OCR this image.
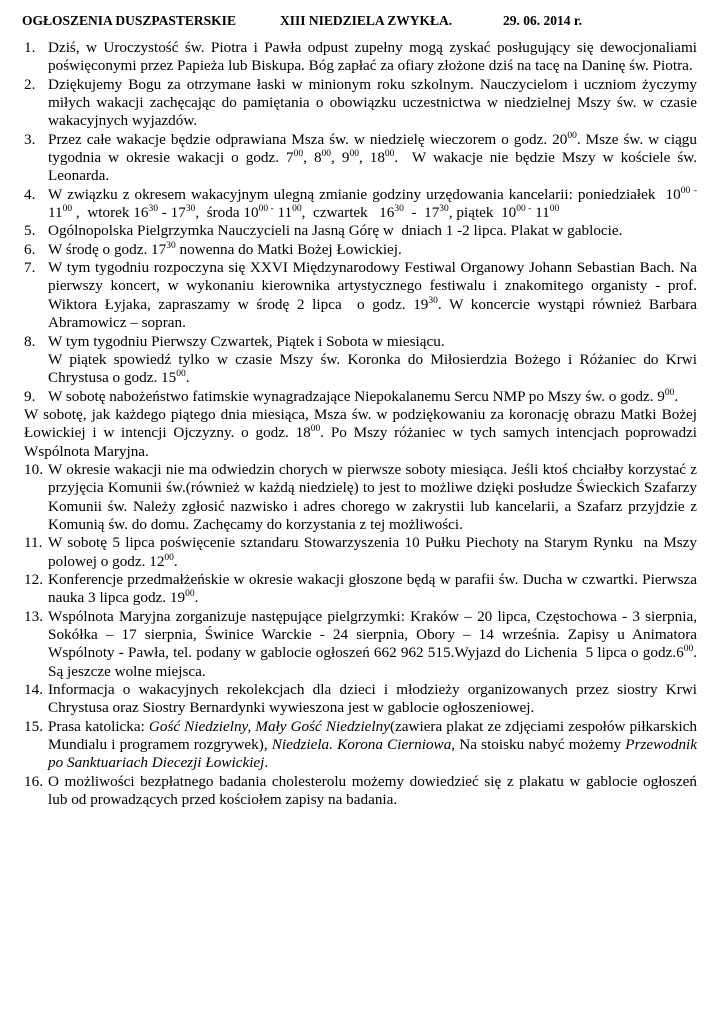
OGŁOSZENIA DUSZPASTERSKIE	XIII NIEDZIELA ZWYKŁA.	29. 06. 2014 r.
1. Dziś, w Uroczystość św. Piotra i Pawła odpust zupełny mogą zyskać posługujący się dewocjonaliami poświęconymi przez Papieża lub Biskupa. Bóg zapłać za ofiary złożone dziś na tacę na Daninę św. Piotra.
2. Dziękujemy Bogu za otrzymane łaski w minionym roku szkolnym. Nauczycielom i uczniom życzymy miłych wakacji zachęcając do pamiętania o obowiązku uczestnictwa w niedzielnej Mszy św. w czasie wakacyjnych wyjazdów.
3. Przez całe wakacje będzie odprawiana Msza św. w niedzielę wieczorem o godz. $20^{00}$. Msze św. w ciągu tygodnia w okresie wakacji o godz. $7^{00}$, $8^{00}$, $9^{00}$, $18^{00}$.  W wakacje nie będzie Mszy w kościele św. Leonarda.
4. W związku z okresem wakacyjnym ulegną zmianie godziny urzędowania kancelarii: poniedziałek  $10^{00 -}$ $11^{00}$ ,  wtorek $16^{30} - 17^{30}$,  środa $10^{00 -}$ $11^{00}$,  czwartek   $16^{30} - 17^{30}$, piątek  $10^{00 -}$ $11^{00}$
5. Ogólnopolska Pielgrzymka Nauczycieli na Jasną Górę w  dniach 1 -2 lipca. Plakat w gablocie.
6. W środę o godz. $17^{30}$ nowenna do Matki Bożej Łowickiej.
7. W tym tygodniu rozpoczyna się XXVI Międzynarodowy Festiwal Organowy Johann Sebastian Bach. Na pierwszy koncert, w wykonaniu kierownika artystycznego festiwalu i znakomitego organisty - prof. Wiktora Łyjaka, zapraszamy w środę 2 lipca  o godz. $19^{30}$. W koncercie wystąpi również Barbara Abramowicz – sopran.
8. W tym tygodniu Pierwszy Czwartek, Piątek i Sobota w miesiącu.
W piątek spowiedź tylko w czasie Mszy św. Koronka do Miłosierdzia Bożego i Różaniec do Krwi Chrystusa o godz. $15^{00}$.
9. W sobotę nabożeństwo fatimskie wynagradzające Niepokalanemu Sercu NMP po Mszy św. o godz. $9^{00}$.
W sobotę, jak każdego piątego dnia miesiąca, Msza św. w podziękowaniu za koronację obrazu Matki Bożej Łowickiej i w intencji Ojczyzny. o godz. $18^{00}$. Po Mszy różaniec w tych samych intencjach poprowadzi Wspólnota Maryjna.
10. W okresie wakacji nie ma odwiedzin chorych w pierwsze soboty miesiąca. Jeśli ktoś chciałby korzystać z przyjęcia Komunii św.(również w każdą niedzielę) to jest to możliwe dzięki posłudze Świeckich Szafarzy Komunii św. Należy zgłosić nazwisko i adres chorego w zakrystii lub kancelarii, a Szafarz przyjdzie z Komunią św. do domu. Zachęcamy do korzystania z tej możliwości.
11. W sobotę 5 lipca poświęcenie sztandaru Stowarzyszenia 10 Pułku Piechoty na Starym Rynku  na Mszy polowej o godz. $12^{00}$.
12. Konferencje przedmałżeńskie w okresie wakacji głoszone będą w parafii św. Ducha w czwartki. Pierwsza nauka 3 lipca godz. $19^{00}$.
13. Wspólnota Maryjna zorganizuje następujące pielgrzymki: Kraków – 20 lipca, Częstochowa - 3 sierpnia, Sokółka – 17 sierpnia, Świnice Warckie - 24 sierpnia, Obory – 14 września. Zapisy u Animatora Wspólnoty - Pawła, tel. podany w gablocie ogłoszeń 662 962 515.Wyjazd do Lichenia  5 lipca o $godz.6^{00}$. Są jeszcze wolne miejsca.
14. Informacja o wakacyjnych rekolekcjach dla dzieci i młodzieży organizowanych przez siostry Krwi Chrystusa oraz Siostry Bernardynki wywieszona jest w gablocie ogłoszeniowej.
15. Prasa katolicka: Gość Niedzielny, Mały Gość Niedzielny(zawiera plakat ze zdjęciami zespołów piłkarskich Mundialu i programem rozgrywek), Niedziela. Korona Cierniowa, Na stoisku nabyć możemy Przewodnik po Sanktuariach Diecezji Łowickiej.
16. O możliwości bezpłatnego badania cholesterolu możemy dowiedzieć się z plakatu w gablocie ogłoszeń lub od prowadzących przed kościołem zapisy na badania.
